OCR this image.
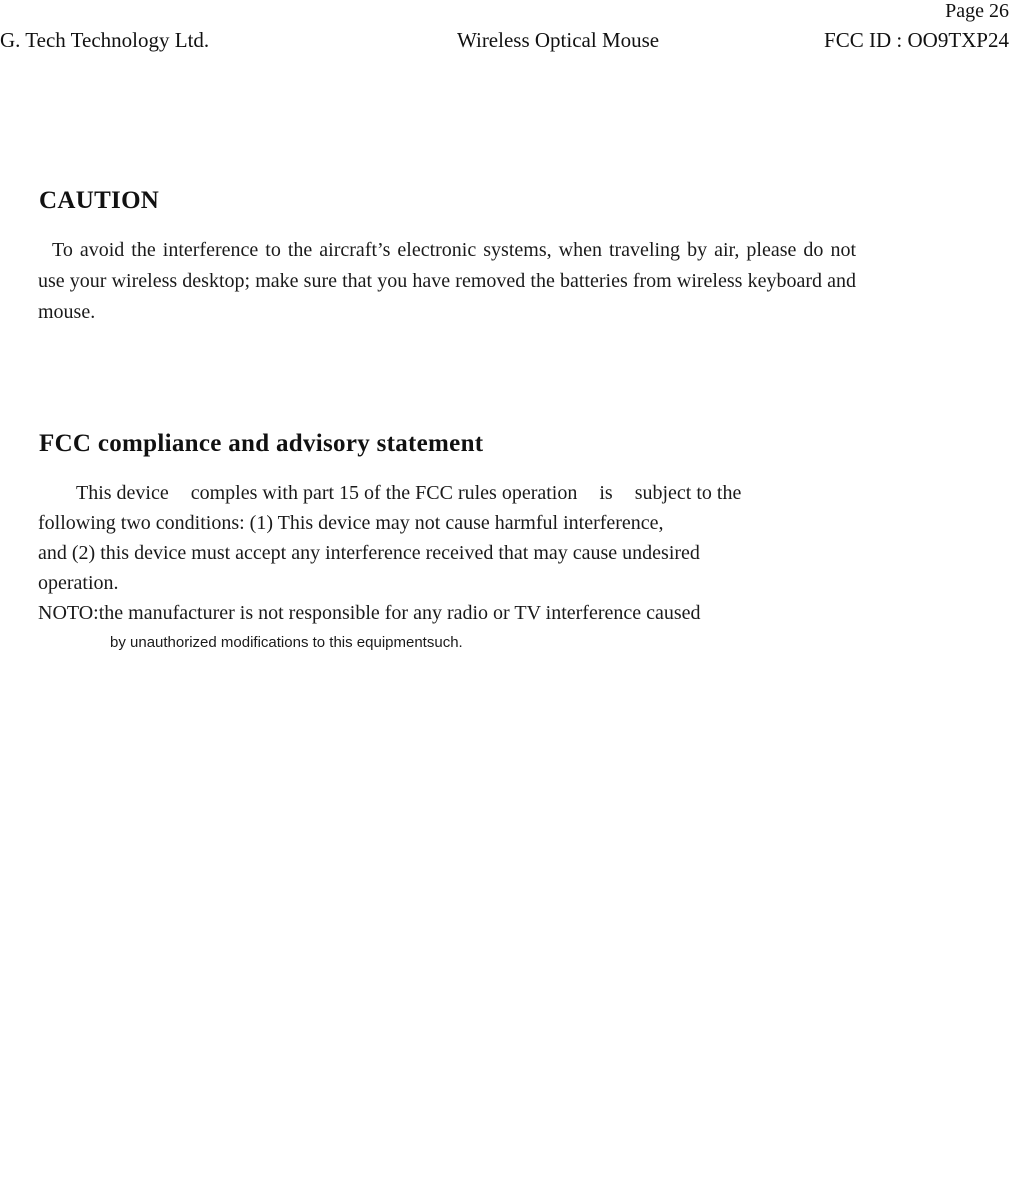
Page 26
G. Tech Technology Ltd.	Wireless Optical Mouse	FCC ID : OO9TXP24
CAUTION
To avoid the interference to the aircraft’s electronic systems, when traveling by air, please do not use your wireless desktop; make sure that you have removed the batteries from wireless keyboard and mouse.
FCC compliance and advisory statement
This device comples with part 15 of the FCC rules operation is subject to the
following two conditions: (1) This device may not cause harmful interference,
and (2) this device must accept any interference received that may cause undesired
operation.
NOTO:the manufacturer is not responsible for any radio or TV interference caused
by unauthorized modifications to this equipmentsuch.
